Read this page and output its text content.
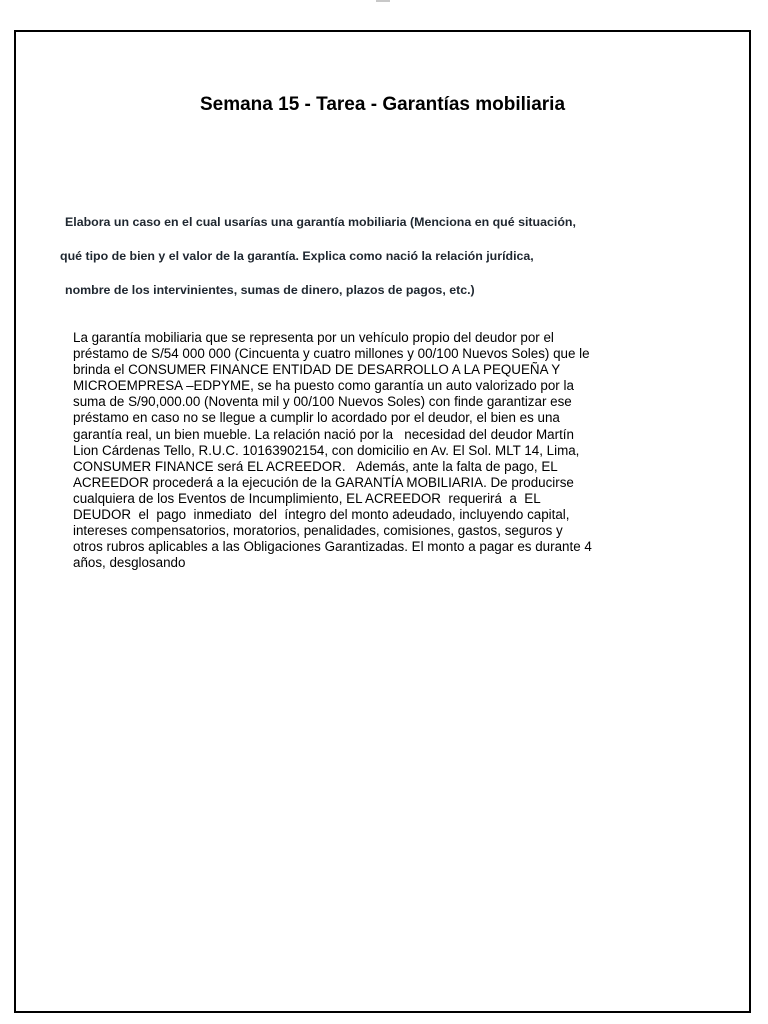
Semana 15 - Tarea - Garantías mobiliaria
Elabora un caso en el cual usarías una garantía mobiliaria (Menciona en qué situación,
qué tipo de bien y el valor de la garantía. Explica como nació la relación jurídica,
nombre de los intervinientes, sumas de dinero, plazos de pagos, etc.)
La garantía mobiliaria que se representa por un vehículo propio del deudor por el
préstamo de S/54 000 000 (Cincuenta y cuatro millones y 00/100 Nuevos Soles) que le
brinda el CONSUMER FINANCE ENTIDAD DE DESARROLLO A LA PEQUEÑA Y
MICROEMPRESA –EDPYME, se ha puesto como garantía un auto valorizado por la
suma de S/90,000.00 (Noventa mil y 00/100 Nuevos Soles) con finde garantizar ese
préstamo en caso no se llegue a cumplir lo acordado por el deudor, el bien es una
garantía real, un bien mueble. La relación nació por la   necesidad del deudor Martín
Lion Cárdenas Tello, R.U.C. 10163902154, con domicilio en Av. El Sol. MLT 14, Lima,
CONSUMER FINANCE será EL ACREEDOR.   Además, ante la falta de pago, EL
ACREEDOR procederá a la ejecución de la GARANTÍA MOBILIARIA. De producirse
cualquiera de los Eventos de Incumplimiento, EL ACREEDOR  requerirá  a  EL
DEUDOR  el  pago  inmediato  del  íntegro del monto adeudado, incluyendo capital,
intereses compensatorios, moratorios, penalidades, comisiones, gastos, seguros y
otros rubros aplicables a las Obligaciones Garantizadas. El monto a pagar es durante 4
años, desglosando
